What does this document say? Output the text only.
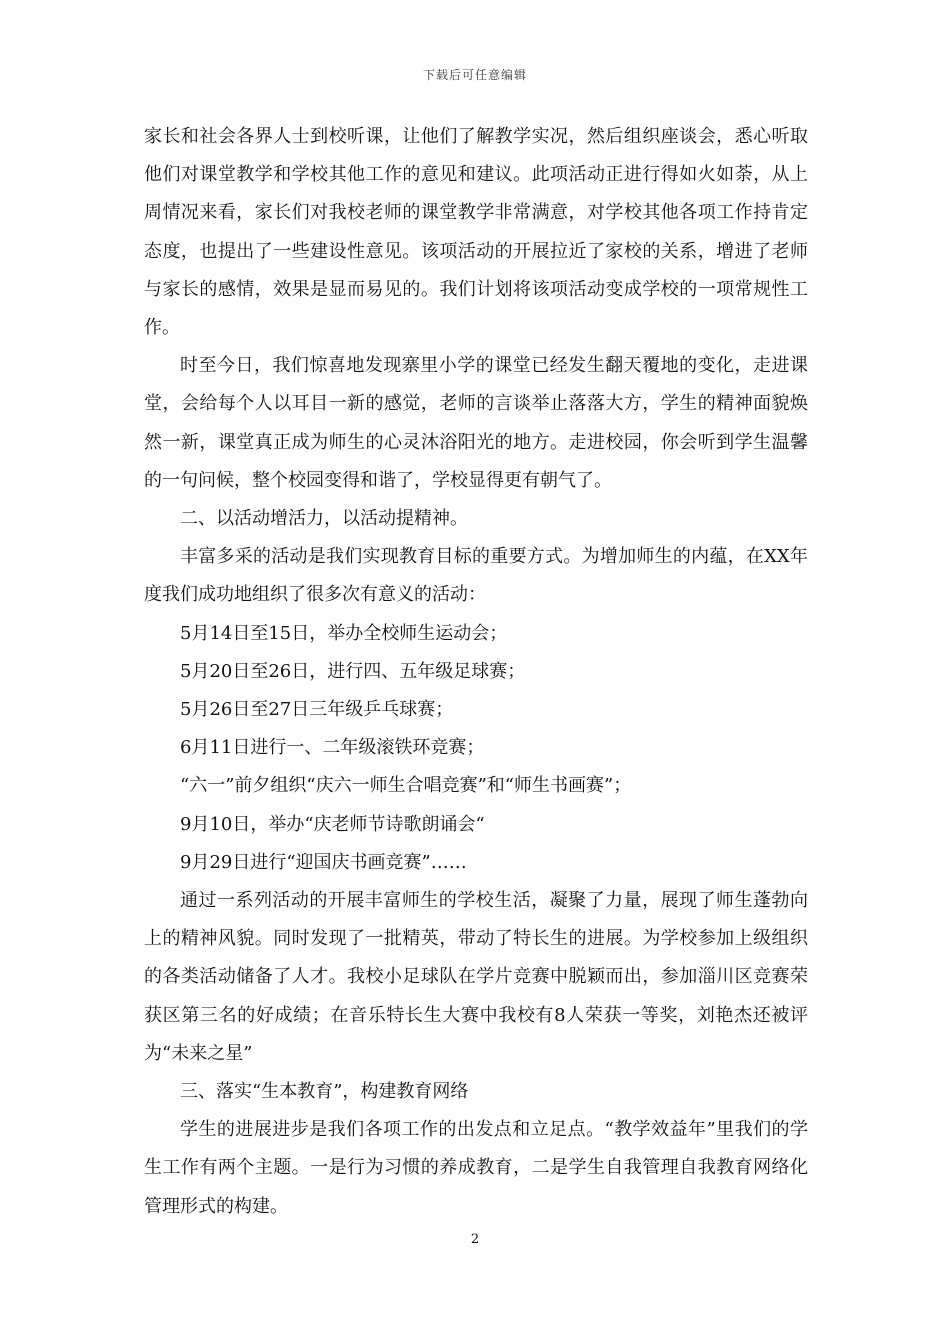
下载后可任意编辑

家长和社会各界人士到校听课，让他们了解教学实况，然后组织座谈会，悉心听取他们对课堂教学和学校其他工作的意见和建议。此项活动正进行得如火如荼，从上周情况来看，家长们对我校老师的课堂教学非常满意，对学校其他各项工作持肯定态度，也提出了一些建设性意见。该项活动的开展拉近了家校的关系，增进了老师与家长的感情，效果是显而易见的。我们计划将该项活动变成学校的一项常规性工作。

时至今日，我们惊喜地发现寨里小学的课堂已经发生翻天覆地的变化，走进课堂，会给每个人以耳目一新的感觉，老师的言谈举止落落大方，学生的精神面貌焕然一新，课堂真正成为师生的心灵沐浴阳光的地方。走进校园，你会听到学生温馨的一句问候，整个校园变得和谐了，学校显得更有朝气了。

二、以活动增活力，以活动提精神。

丰富多采的活动是我们实现教育目标的重要方式。为增加师生的内蕴，在XX年度我们成功地组织了很多次有意义的活动：

5月14日至15日，举办全校师生运动会；

5月20日至26日，进行四、五年级足球赛；

5月26日至27日三年级乒乓球赛；

6月11日进行一、二年级滚铁环竞赛；

“六一”前夕组织“庆六一师生合唱竞赛”和“师生书画赛”；

9月10日，举办“庆老师节诗歌朗诵会“

9月29日进行“迎国庆书画竞赛”……

通过一系列活动的开展丰富师生的学校生活，凝聚了力量，展现了师生蓬勃向上的精神风貌。同时发现了一批精英，带动了特长生的进展。为学校参加上级组织的各类活动储备了人才。我校小足球队在学片竞赛中脱颖而出，参加淄川区竞赛荣获区第三名的好成绩；在音乐特长生大赛中我校有8人荣获一等奖，刘艳杰还被评为“未来之星”

三、落实“生本教育”，构建教育网络

学生的进展进步是我们各项工作的出发点和立足点。“教学效益年”里我们的学生工作有两个主题。一是行为习惯的养成教育，二是学生自我管理自我教育网络化管理形式的构建。

2
